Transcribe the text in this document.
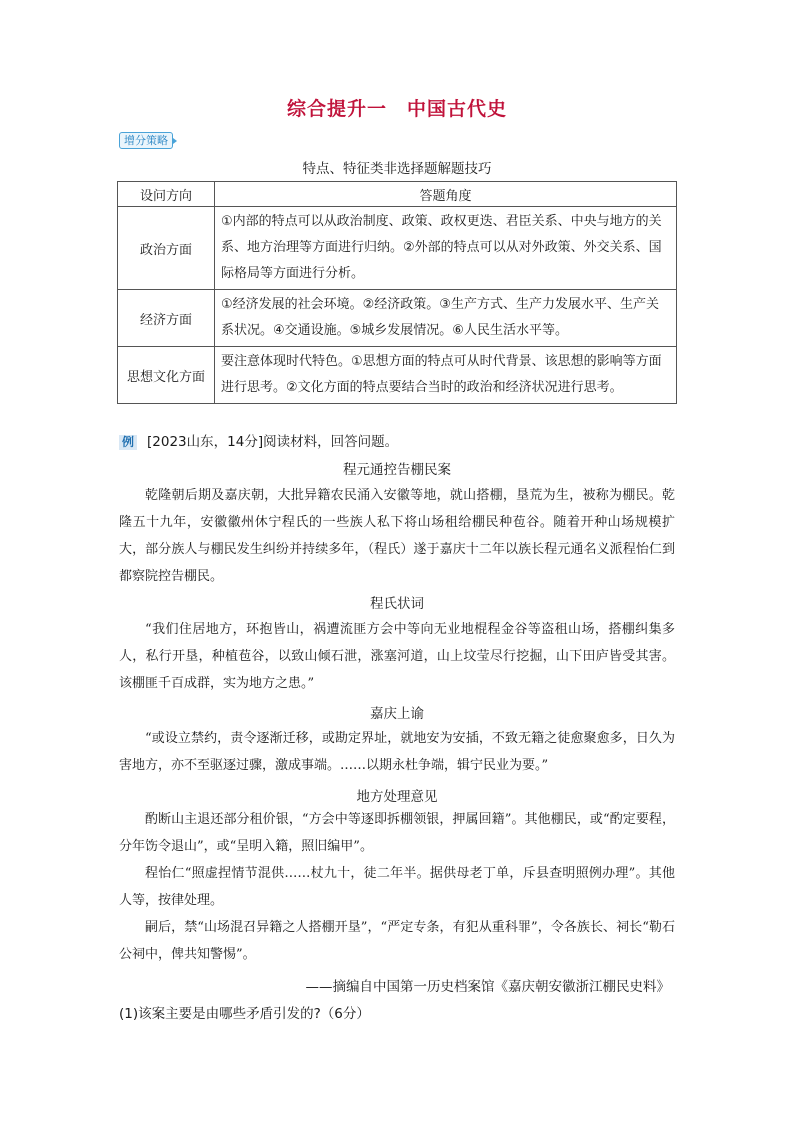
综合提升一　中国古代史
增分策略
特点、特征类非选择题解题技巧
设问方向	答题角度
政治方面	①内部的特点可以从政治制度、政策、政权更迭、君臣关系、中央与地方的关系、地方治理等方面进行归纳。②外部的特点可以从对外政策、外交关系、国际格局等方面进行分析。
经济方面	①经济发展的社会环境。②经济政策。③生产方式、生产力发展水平、生产关系状况。④交通设施。⑤城乡发展情况。⑥人民生活水平等。
思想文化方面	要注意体现时代特色。①思想方面的特点可从时代背景、该思想的影响等方面进行思考。②文化方面的特点要结合当时的政治和经济状况进行思考。
例 [2023山东，14分]阅读材料，回答问题。
程元通控告棚民案

乾隆朝后期及嘉庆朝，大批异籍农民涌入安徽等地，就山搭棚，垦荒为生，被称为棚民。乾隆五十九年，安徽徽州休宁程氏的一些族人私下将山场租给棚民种苞谷。随着开种山场规模扩大，部分族人与棚民发生纠纷并持续多年，（程氏）遂于嘉庆十二年以族长程元通名义派程怡仁到都察院控告棚民。

程氏状词

“我们住居地方，环抱皆山，祸遭流匪方会中等向无业地棍程金谷等盗租山场，搭棚纠集多人，私行开垦，种植苞谷，以致山倾石泄，涨塞河道，山上坟莹尽行挖掘，山下田庐皆受其害。该棚匪千百成群，实为地方之患。”

嘉庆上谕

“或设立禁约，责令逐渐迁移，或勘定界址，就地安为安插，不致无籍之徒愈聚愈多，日久为害地方，亦不至驱逐过骤，激成事端。……以期永杜争端，辑宁民业为要。”

地方处理意见

酌断山主退还部分租价银，“方会中等逐即拆棚领银，押属回籍”。其他棚民，或“酌定要程，分年饬令退山”，或“呈明入籍，照旧编甲”。

程怡仁“照虚捏情节混供……杖九十，徒二年半。据供母老丁单，斥县查明照例办理”。其他人等，按律处理。

嗣后，禁“山场混召异籍之人搭棚开垦”，“严定专条，有犯从重科罪”，令各族长、祠长“勒石公祠中，俾共知警惕”。

——摘编自中国第一历史档案馆《嘉庆朝安徽浙江棚民史料》
(1)该案主要是由哪些矛盾引发的?（6分）
